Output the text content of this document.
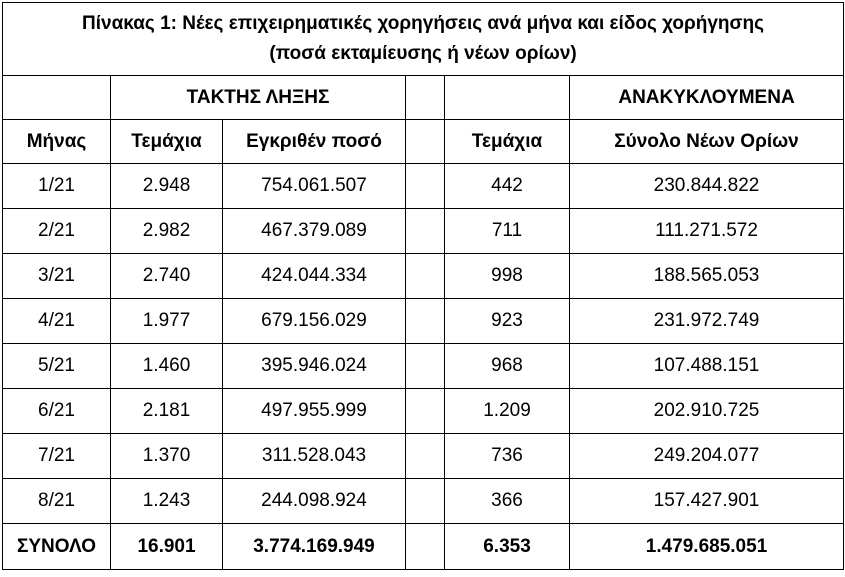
Πίνακας 1: Νέες επιχειρηματικές χορηγήσεις ανά μήνα και είδος χορήγησης
(ποσά εκταμίευσης ή νέων ορίων)					

	ΤΑΚΤΗΣ ΛΗΞΗΣ				ΑΝΑΚΥΚΛΟΥΜΕΝΑ
Μήνας	Τεμάχια	Εγκριθέν ποσό		Τεμάχια	Σύνολο Νέων Ορίων
1/21	2.948	754.061.507		442	230.844.822
2/21	2.982	467.379.089		711	111.271.572
3/21	2.740	424.044.334		998	188.565.053
4/21	1.977	679.156.029		923	231.972.749
5/21	1.460	395.946.024		968	107.488.151
6/21	2.181	497.955.999		1.209	202.910.725
7/21	1.370	311.528.043		736	249.204.077
8/21	1.243	244.098.924		366	157.427.901
ΣΥΝΟΛΟ	16.901	3.774.169.949		6.353	1.479.685.051
